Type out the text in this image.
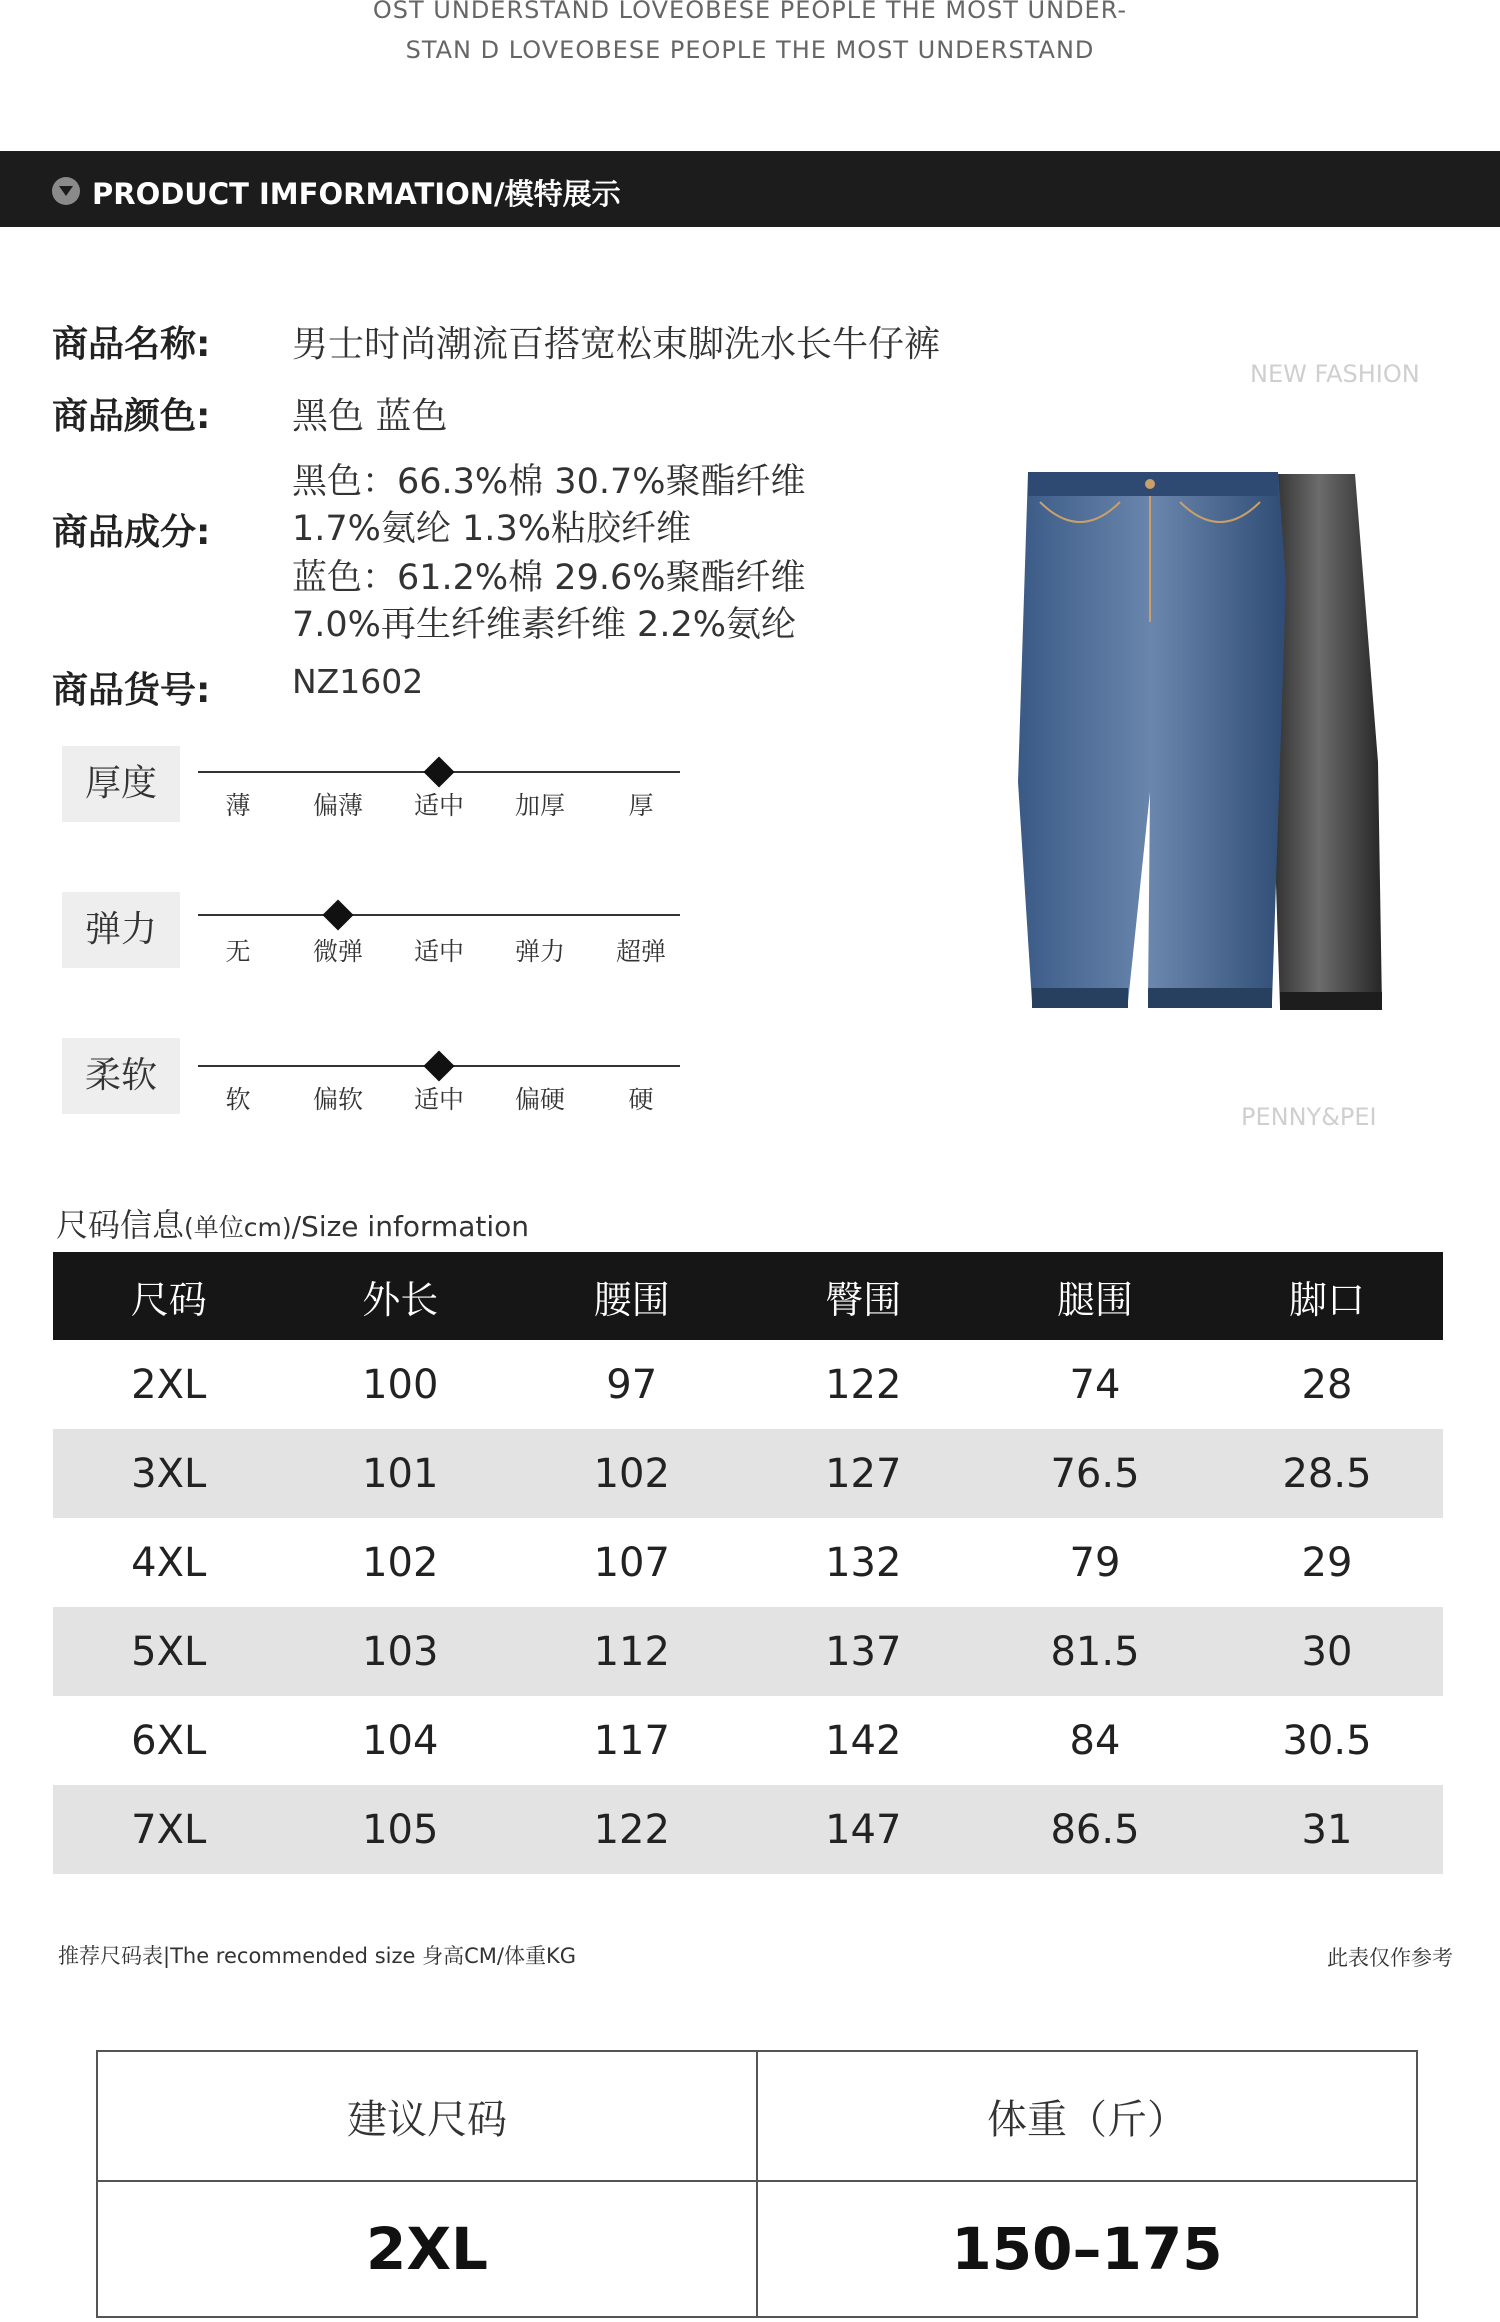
OST UNDERSTAND LOVEOBESE PEOPLE THE MOST UNDER-
STAN D LOVEOBESE PEOPLE THE MOST UNDERSTAND
PRODUCT IMFORMATION/模特展示
商品名称: 男士时尚潮流百搭宽松束脚洗水长牛仔裤
商品颜色: 黑色 蓝色
商品成分:
黑色：66.3%棉 30.7%聚酯纤维
1.7%氨纶 1.3%粘胶纤维
蓝色：61.2%棉 29.6%聚酯纤维
7.0%再生纤维素纤维 2.2%氨纶
商品货号: NZ1602
NEW FASHION
PENNY&PEI
厚度
薄	偏薄	适中	加厚	厚
弹力
无	微弹	适中	弹力	超弹
柔软
软	偏软	适中	偏硬	硬
尺码信息(单位cm)/Size information
尺码	外长	腰围	臀围	腿围	脚口
2XL	100	97	122	74	28
3XL	101	102	127	76.5	28.5
4XL	102	107	132	79	29
5XL	103	112	137	81.5	30
6XL	104	117	142	84	30.5
7XL	105	122	147	86.5	31
推荐尺码表|The recommended size 身高CM/体重KG	此表仅作参考
建议尺码	体重（斤）
2XL	150–175
